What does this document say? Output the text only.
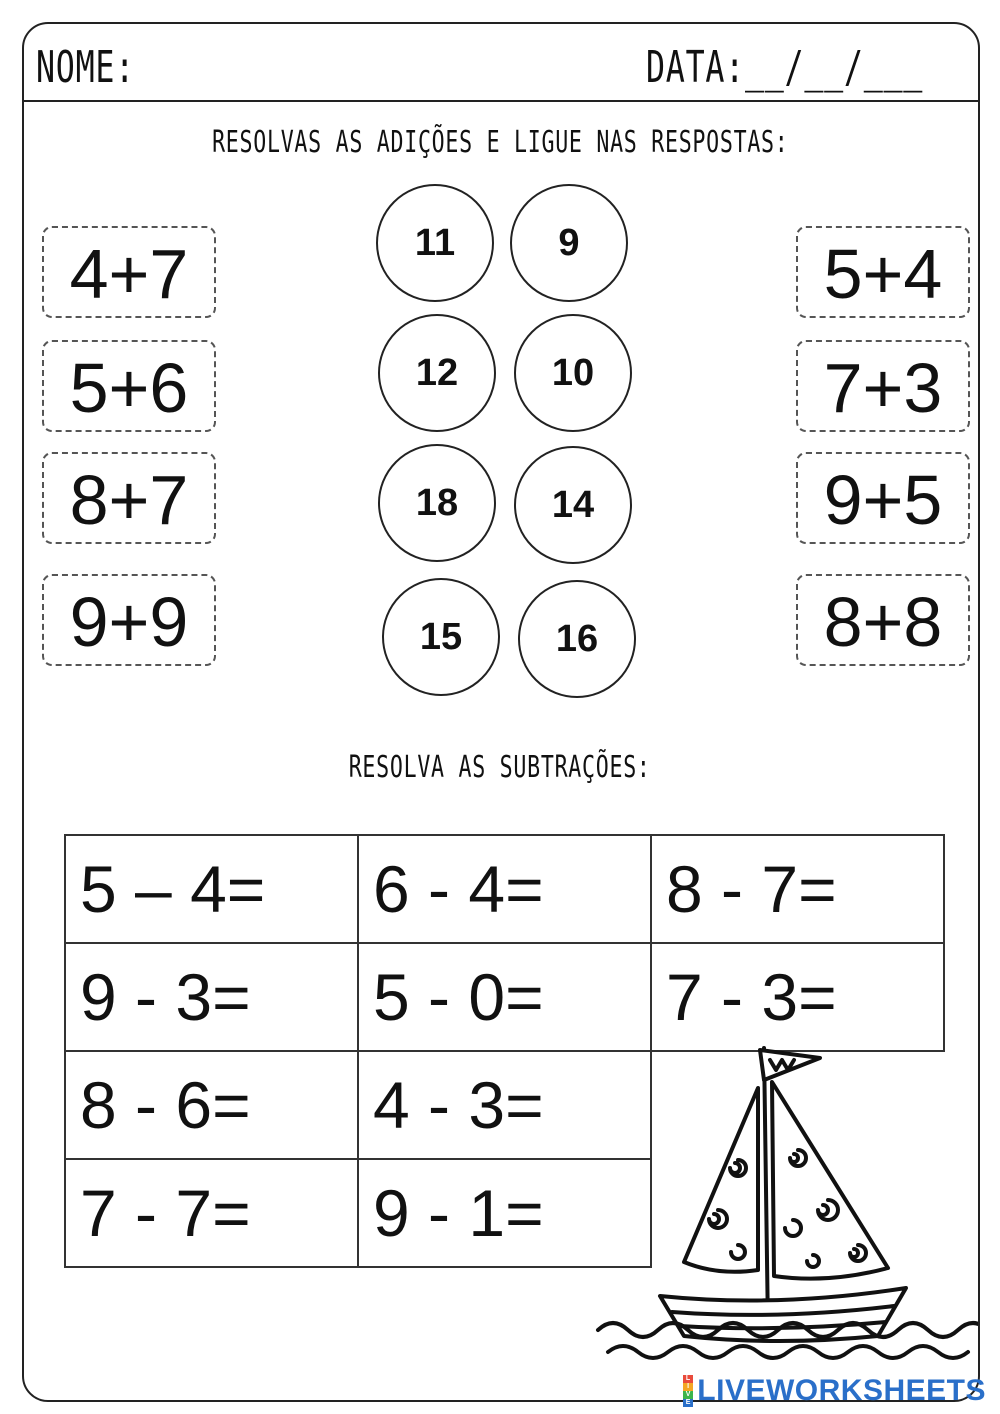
NOME:	DATA:__/__/___
RESOLVAS AS ADIÇÕES E LIGUE NAS RESPOSTAS:
4+7
5+6
8+7
9+9
5+4
7+3
9+5
8+8
11	9
12	10
18	14
15	16
RESOLVA AS SUBTRAÇÕES:
5 – 4=	6 - 4=	8 - 7=
9 - 3=	5 - 0=	7 - 3=
8 - 6=	4 - 3=	
7 - 7=	9 - 1=	
L
I
V
E LIVEWORKSHEETS
